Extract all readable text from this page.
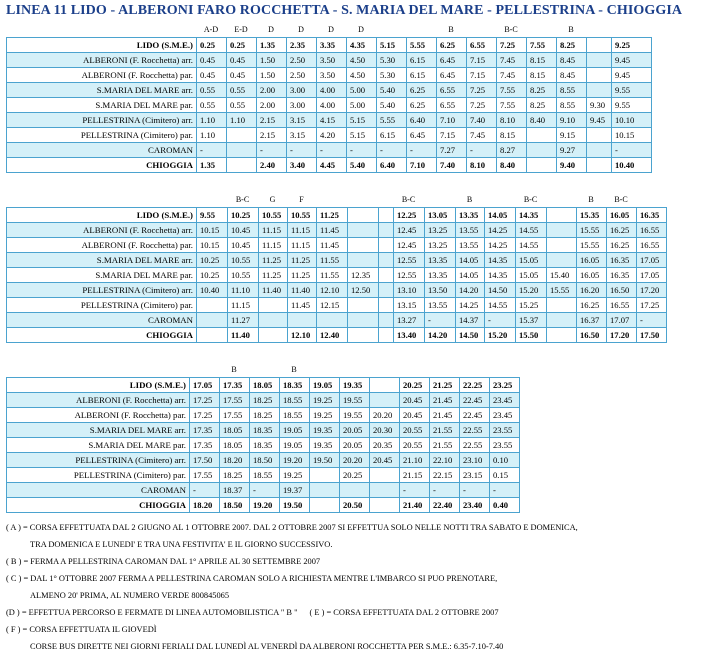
LINEA 11 LIDO - ALBERONI FARO ROCCHETTA - S. MARIA DEL MARE - PELLESTRINA - CHIOGGIA
A-D	E-D	D	D	D	D	B	B-C	B
LIDO (S.M.E.)	0.25	0.25	1.35	2.35	3.35	4.35	5.15	5.55	6.25	6.55	7.25	7.55	8.25		9.25
ALBERONI (F. Rocchetta) arr.	0.45	0.45	1.50	2.50	3.50	4.50	5.30	6.15	6.45	7.15	7.45	8.15	8.45		9.45
ALBERONI (F. Rocchetta) par.	0.45	0.45	1.50	2.50	3.50	4.50	5.30	6.15	6.45	7.15	7.45	8.15	8.45		9.45
S.MARIA DEL MARE arr.	0.55	0.55	2.00	3.00	4.00	5.00	5.40	6.25	6.55	7.25	7.55	8.25	8.55		9.55
S.MARIA DEL MARE par.	0.55	0.55	2.00	3.00	4.00	5.00	5.40	6.25	6.55	7.25	7.55	8.25	8.55	9.30	9.55
PELLESTRINA (Cimitero) arr.	1.10	1.10	2.15	3.15	4.15	5.15	5.55	6.40	7.10	7.40	8.10	8.40	9.10	9.45	10.10
PELLESTRINA (Cimitero) par.	1.10		2.15	3.15	4.20	5.15	6.15	6.45	7.15	7.45	8.15		9.15		10.15
CAROMAN	-		-	-	-	-	-	-	7.27	-	8.27		9.27		-
CHIOGGIA	1.35		2.40	3.40	4.45	5.40	6.40	7.10	7.40	8.10	8.40		9.40		10.40
B-C	G	F	B-C	B	B-C	B	B-C
LIDO (S.M.E.)	9.55	10.25	10.55	10.55	11.25			12.25	13.05	13.35	14.05	14.35		15.35	16.05	16.35
ALBERONI (F. Rocchetta) arr.	10.15	10.45	11.15	11.15	11.45			12.45	13.25	13.55	14.25	14.55		15.55	16.25	16.55
ALBERONI (F. Rocchetta) par.	10.15	10.45	11.15	11.15	11.45			12.45	13.25	13.55	14.25	14.55		15.55	16.25	16.55
S.MARIA DEL MARE arr.	10.25	10.55	11.25	11.25	11.55			12.55	13.35	14.05	14.35	15.05		16.05	16.35	17.05
S.MARIA DEL MARE par.	10.25	10.55	11.25	11.25	11.55	12.35		12.55	13.35	14.05	14.35	15.05	15.40	16.05	16.35	17.05
PELLESTRINA (Cimitero) arr.	10.40	11.10	11.40	11.40	12.10	12.50		13.10	13.50	14.20	14.50	15.20	15.55	16.20	16.50	17.20
PELLESTRINA (Cimitero) par.		11.15		11.45	12.15			13.15	13.55	14.25	14.55	15.25		16.25	16.55	17.25
CAROMAN		11.27						13.27	-	14.37	-	15.37		16.37	17.07	-
CHIOGGIA		11.40		12.10	12.40			13.40	14.20	14.50	15.20	15.50		16.50	17.20	17.50
B	B
LIDO (S.M.E.)	17.05	17.35	18.05	18.35	19.05	19.35		20.25	21.25	22.25	23.25
ALBERONI (F. Rocchetta) arr.	17.25	17.55	18.25	18.55	19.25	19.55		20.45	21.45	22.45	23.45
ALBERONI (F. Rocchetta) par.	17.25	17.55	18.25	18.55	19.25	19.55	20.20	20.45	21.45	22.45	23.45
S.MARIA DEL MARE arr.	17.35	18.05	18.35	19.05	19.35	20.05	20.30	20.55	21.55	22.55	23.55
S.MARIA DEL MARE par.	17.35	18.05	18.35	19.05	19.35	20.05	20.35	20.55	21.55	22.55	23.55
PELLESTRINA (Cimitero) arr.	17.50	18.20	18.50	19.20	19.50	20.20	20.45	21.10	22.10	23.10	0.10
PELLESTRINA (Cimitero) par.	17.55	18.25	18.55	19.25		20.25		21.15	22.15	23.15	0.15
CAROMAN	-	18.37	-	19.37				-	-	-	-
CHIOGGIA	18.20	18.50	19.20	19.50		20.50		21.40	22.40	23.40	0.40
( A ) = CORSA EFFETTUATA DAL 2 GIUGNO AL 1 OTTOBRE 2007. DAL 2 OTTOBRE 2007 SI EFFETTUA SOLO NELLE NOTTI TRA SABATO E DOMENICA,
TRA DOMENICA E LUNEDI' E TRA UNA FESTIVITA' E IL GIORNO SUCCESSIVO.
( B ) = FERMA A PELLESTRINA CAROMAN DAL 1° APRILE AL 30 SETTEMBRE 2007
( C ) = DAL 1° OTTOBRE 2007 FERMA A PELLESTRINA CAROMAN SOLO A RICHIESTA MENTRE L'IMBARCO SI PUO PRENOTARE,
ALMENO 20' PRIMA, AL NUMERO VERDE 800845065
(D ) = EFFETTUA PERCORSO E FERMATE DI LINEA AUTOMOBILISTICA " B " ( E ) = CORSA EFFETTUATA DAL 2 OTTOBRE 2007
( F ) = CORSA EFFETTUATA IL GIOVEDÌ
CORSE BUS DIRETTE NEI GIORNI FERIALI DAL LUNEDÌ AL VENERDÌ DA ALBERONI ROCCHETTA PER S.M.E.: 6.35-7.10-7.40
